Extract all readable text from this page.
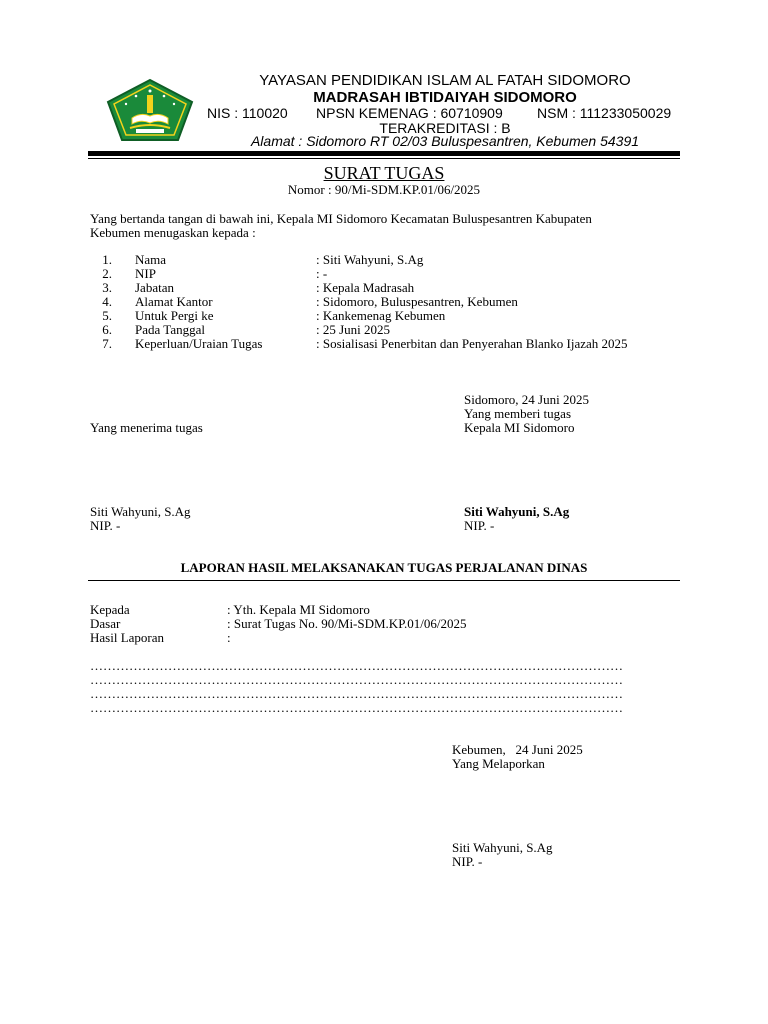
YAYASAN PENDIDIKAN ISLAM AL FATAH SIDOMORO
MADRASAH IBTIDAIYAH SIDOMORO
NIS : 110020 NPSN KEMENAG : 60710909 NSM : 111233050029
TERAKREDITASI : B
Alamat : Sidomoro RT 02/03 Buluspesantren, Kebumen 54391
SURAT TUGAS
Nomor : 90/Mi-SDM.KP.01/06/2025
Yang bertanda tangan di bawah ini, Kepala MI Sidomoro Kecamatan Buluspesantren Kabupaten
Kebumen menugaskan kepada :
1. Nama	: Siti Wahyuni, S.Ag
2. NIP	: -
3. Jabatan	: Kepala Madrasah
4. Alamat Kantor	: Sidomoro, Buluspesantren, Kebumen
5. Untuk Pergi ke	: Kankemenag Kebumen
6. Pada Tanggal	: 25 Juni 2025
7. Keperluan/Uraian Tugas	: Sosialisasi Penerbitan dan Penyerahan Blanko Ijazah 2025
Sidomoro, 24 Juni 2025
Yang memberi tugas
Yang menerima tugas	Kepala MI Sidomoro
Siti Wahyuni, S.Ag
NIP. -
Siti Wahyuni, S.Ag
NIP. -
LAPORAN HASIL MELAKSANAKAN TUGAS PERJALANAN DINAS
Kepada	: Yth. Kepala MI Sidomoro
Dasar	: Surat Tugas No. 90/Mi-SDM.KP.01/06/2025
Hasil Laporan	:
……………………………………………………………………………………………………………
……………………………………………………………………………………………………………
……………………………………………………………………………………………………………
……………………………………………………………………………………………………………
Kebumen,   24 Juni 2025
Yang Melaporkan
Siti Wahyuni, S.Ag
NIP. -
